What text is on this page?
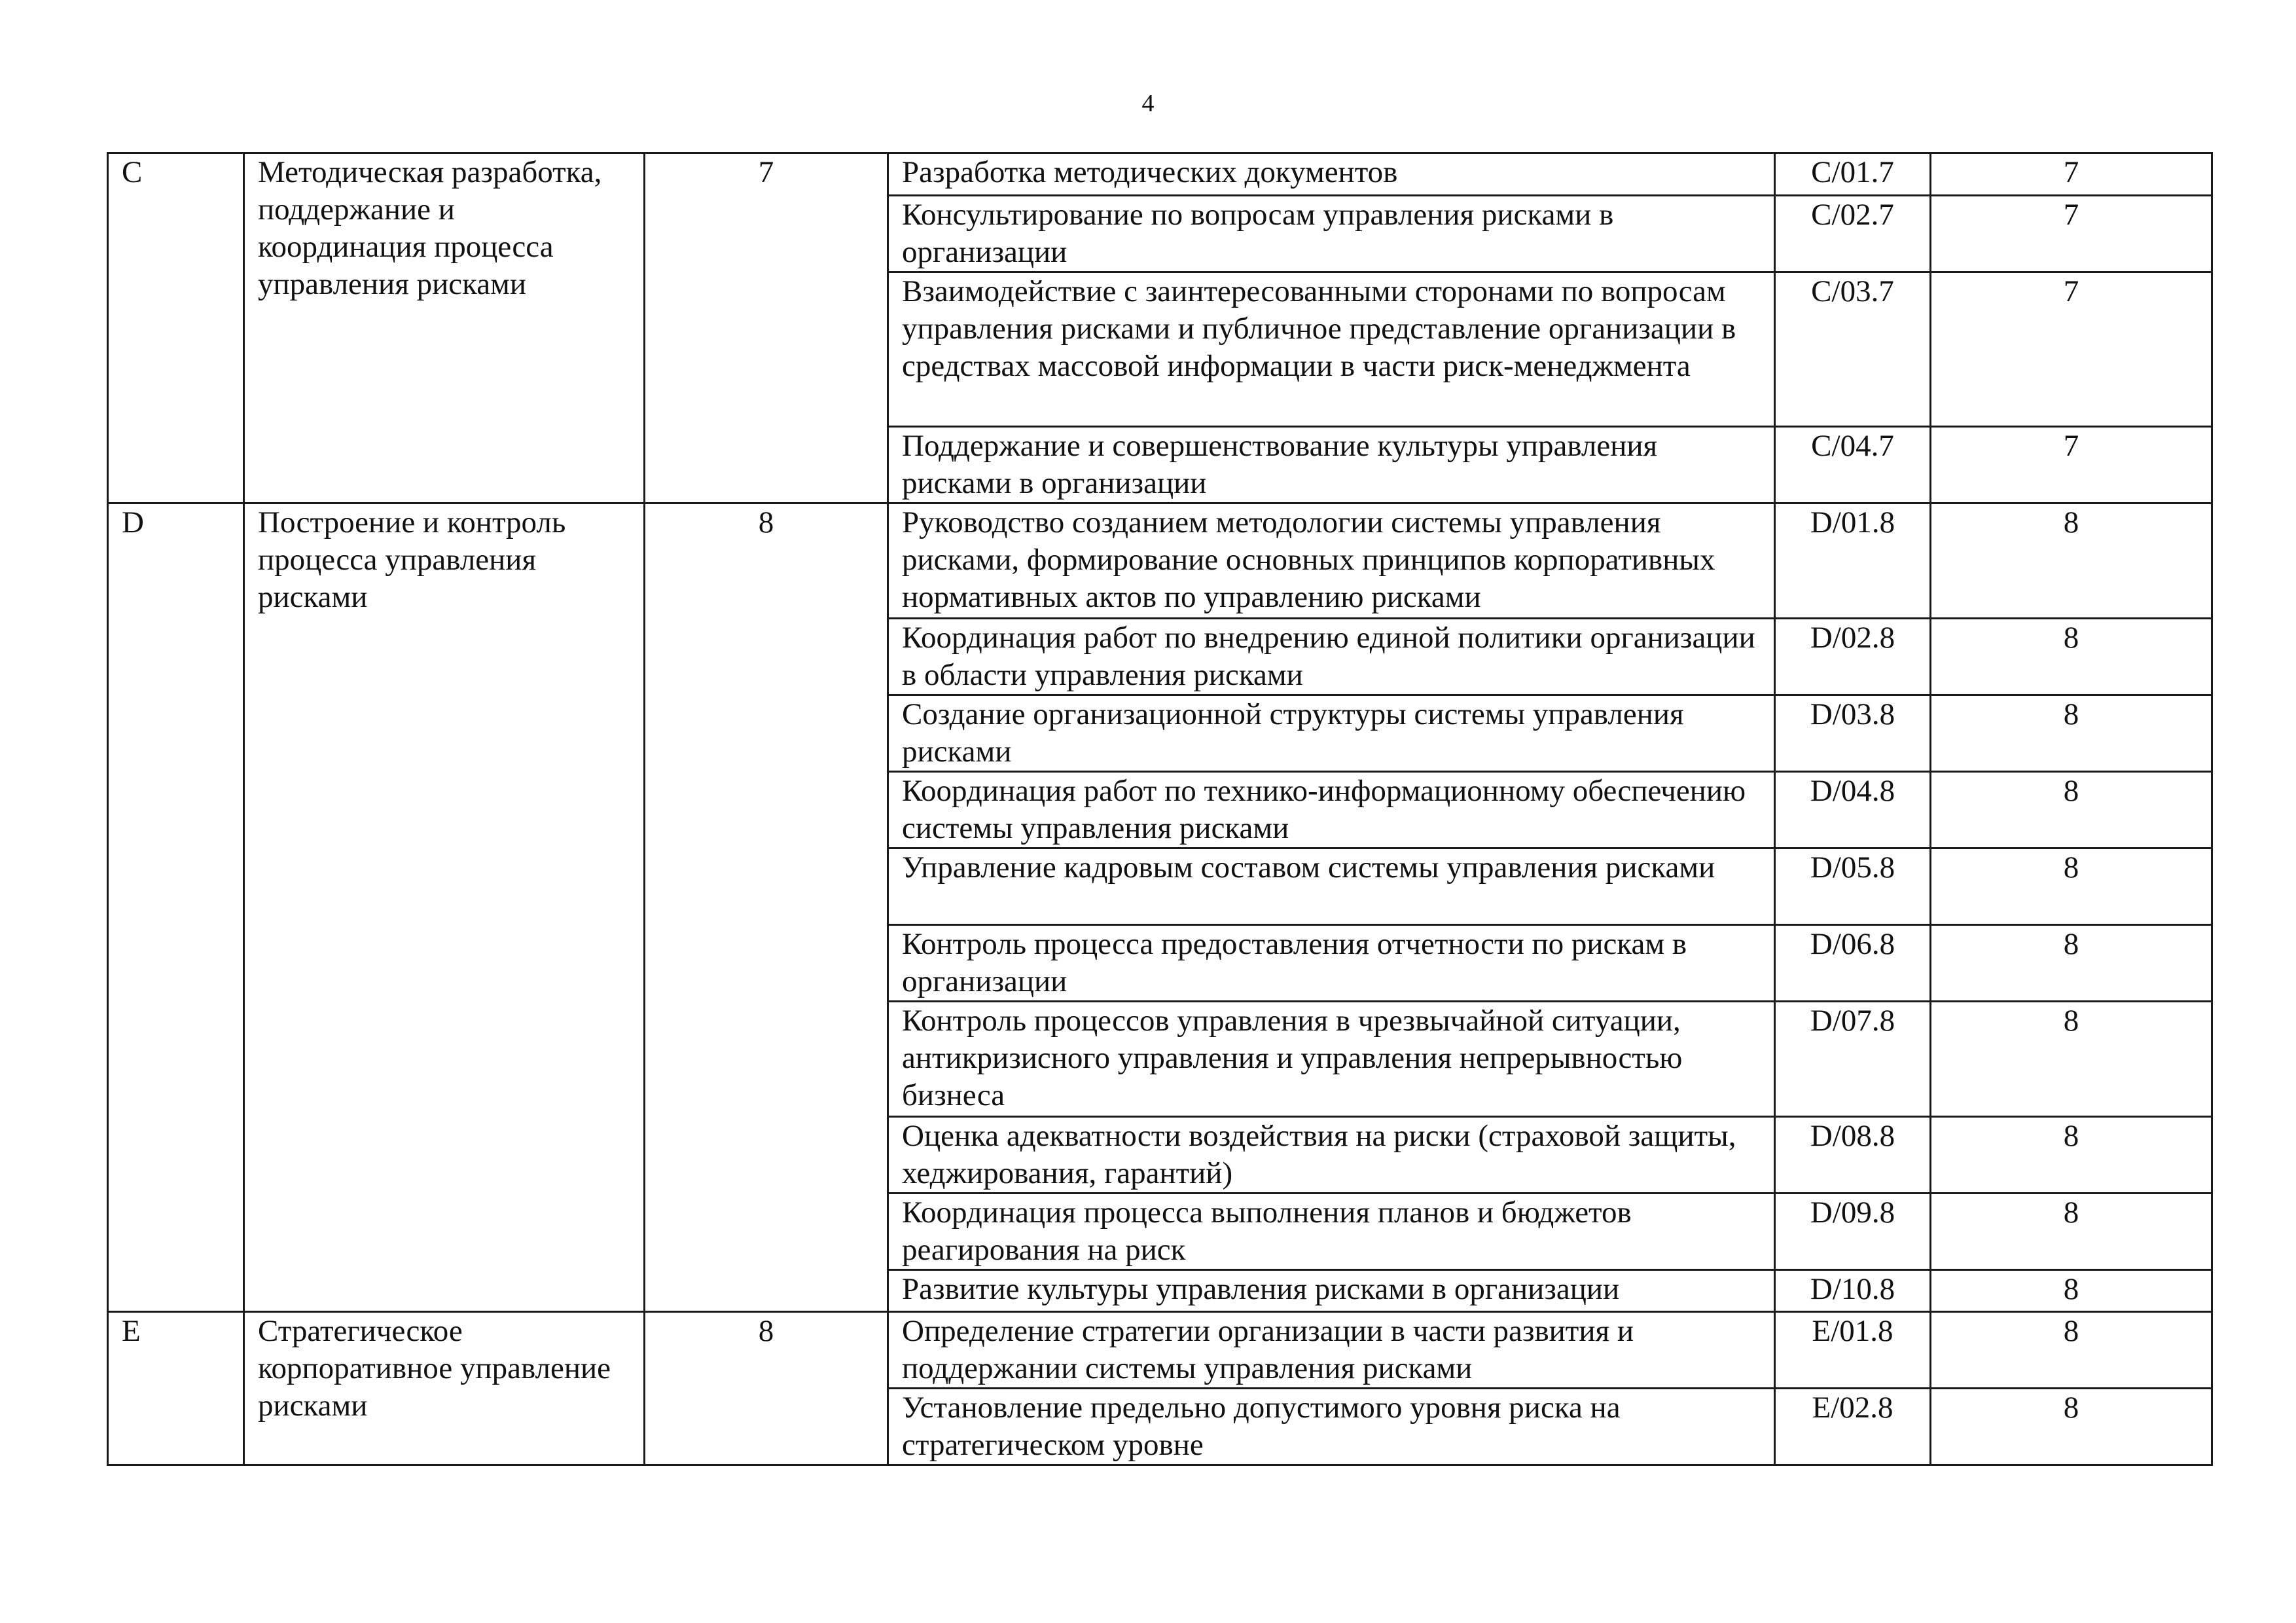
4
C	Методическая разработка, поддержание и координация процесса управления рисками	7	Разработка методических документов	C/01.7	7
			Консультирование по вопросам управления рисками в организации	C/02.7	7
			Взаимодействие с заинтересованными сторонами по вопросам управления рисками и публичное представление организации в средствах массовой информации в части риск-менеджмента	C/03.7	7
			Поддержание и совершенствование культуры управления рисками в организации	C/04.7	7
D	Построение и контроль процесса управления рисками	8	Руководство созданием методологии системы управления рисками, формирование основных принципов корпоративных нормативных актов по управлению рисками	D/01.8	8
			Координация работ по внедрению единой политики организации в области управления рисками	D/02.8	8
			Создание организационной структуры системы управления рисками	D/03.8	8
			Координация работ по технико-информационному обеспечению системы управления рисками	D/04.8	8
			Управление кадровым составом системы управления рисками	D/05.8	8
			Контроль процесса предоставления отчетности по рискам в организации	D/06.8	8
			Контроль процессов управления в чрезвычайной ситуации, антикризисного управления и управления непрерывностью бизнеса	D/07.8	8
			Оценка адекватности воздействия на риски (страховой защиты, хеджирования, гарантий)	D/08.8	8
			Координация процесса выполнения планов и бюджетов реагирования на риск	D/09.8	8
			Развитие культуры управления рисками в организации	D/10.8	8
E	Стратегическое корпоративное управление рисками	8	Определение стратегии организации в части развития и поддержании системы управления рисками	E/01.8	8
			Установление предельно допустимого уровня риска на стратегическом уровне	E/02.8	8
